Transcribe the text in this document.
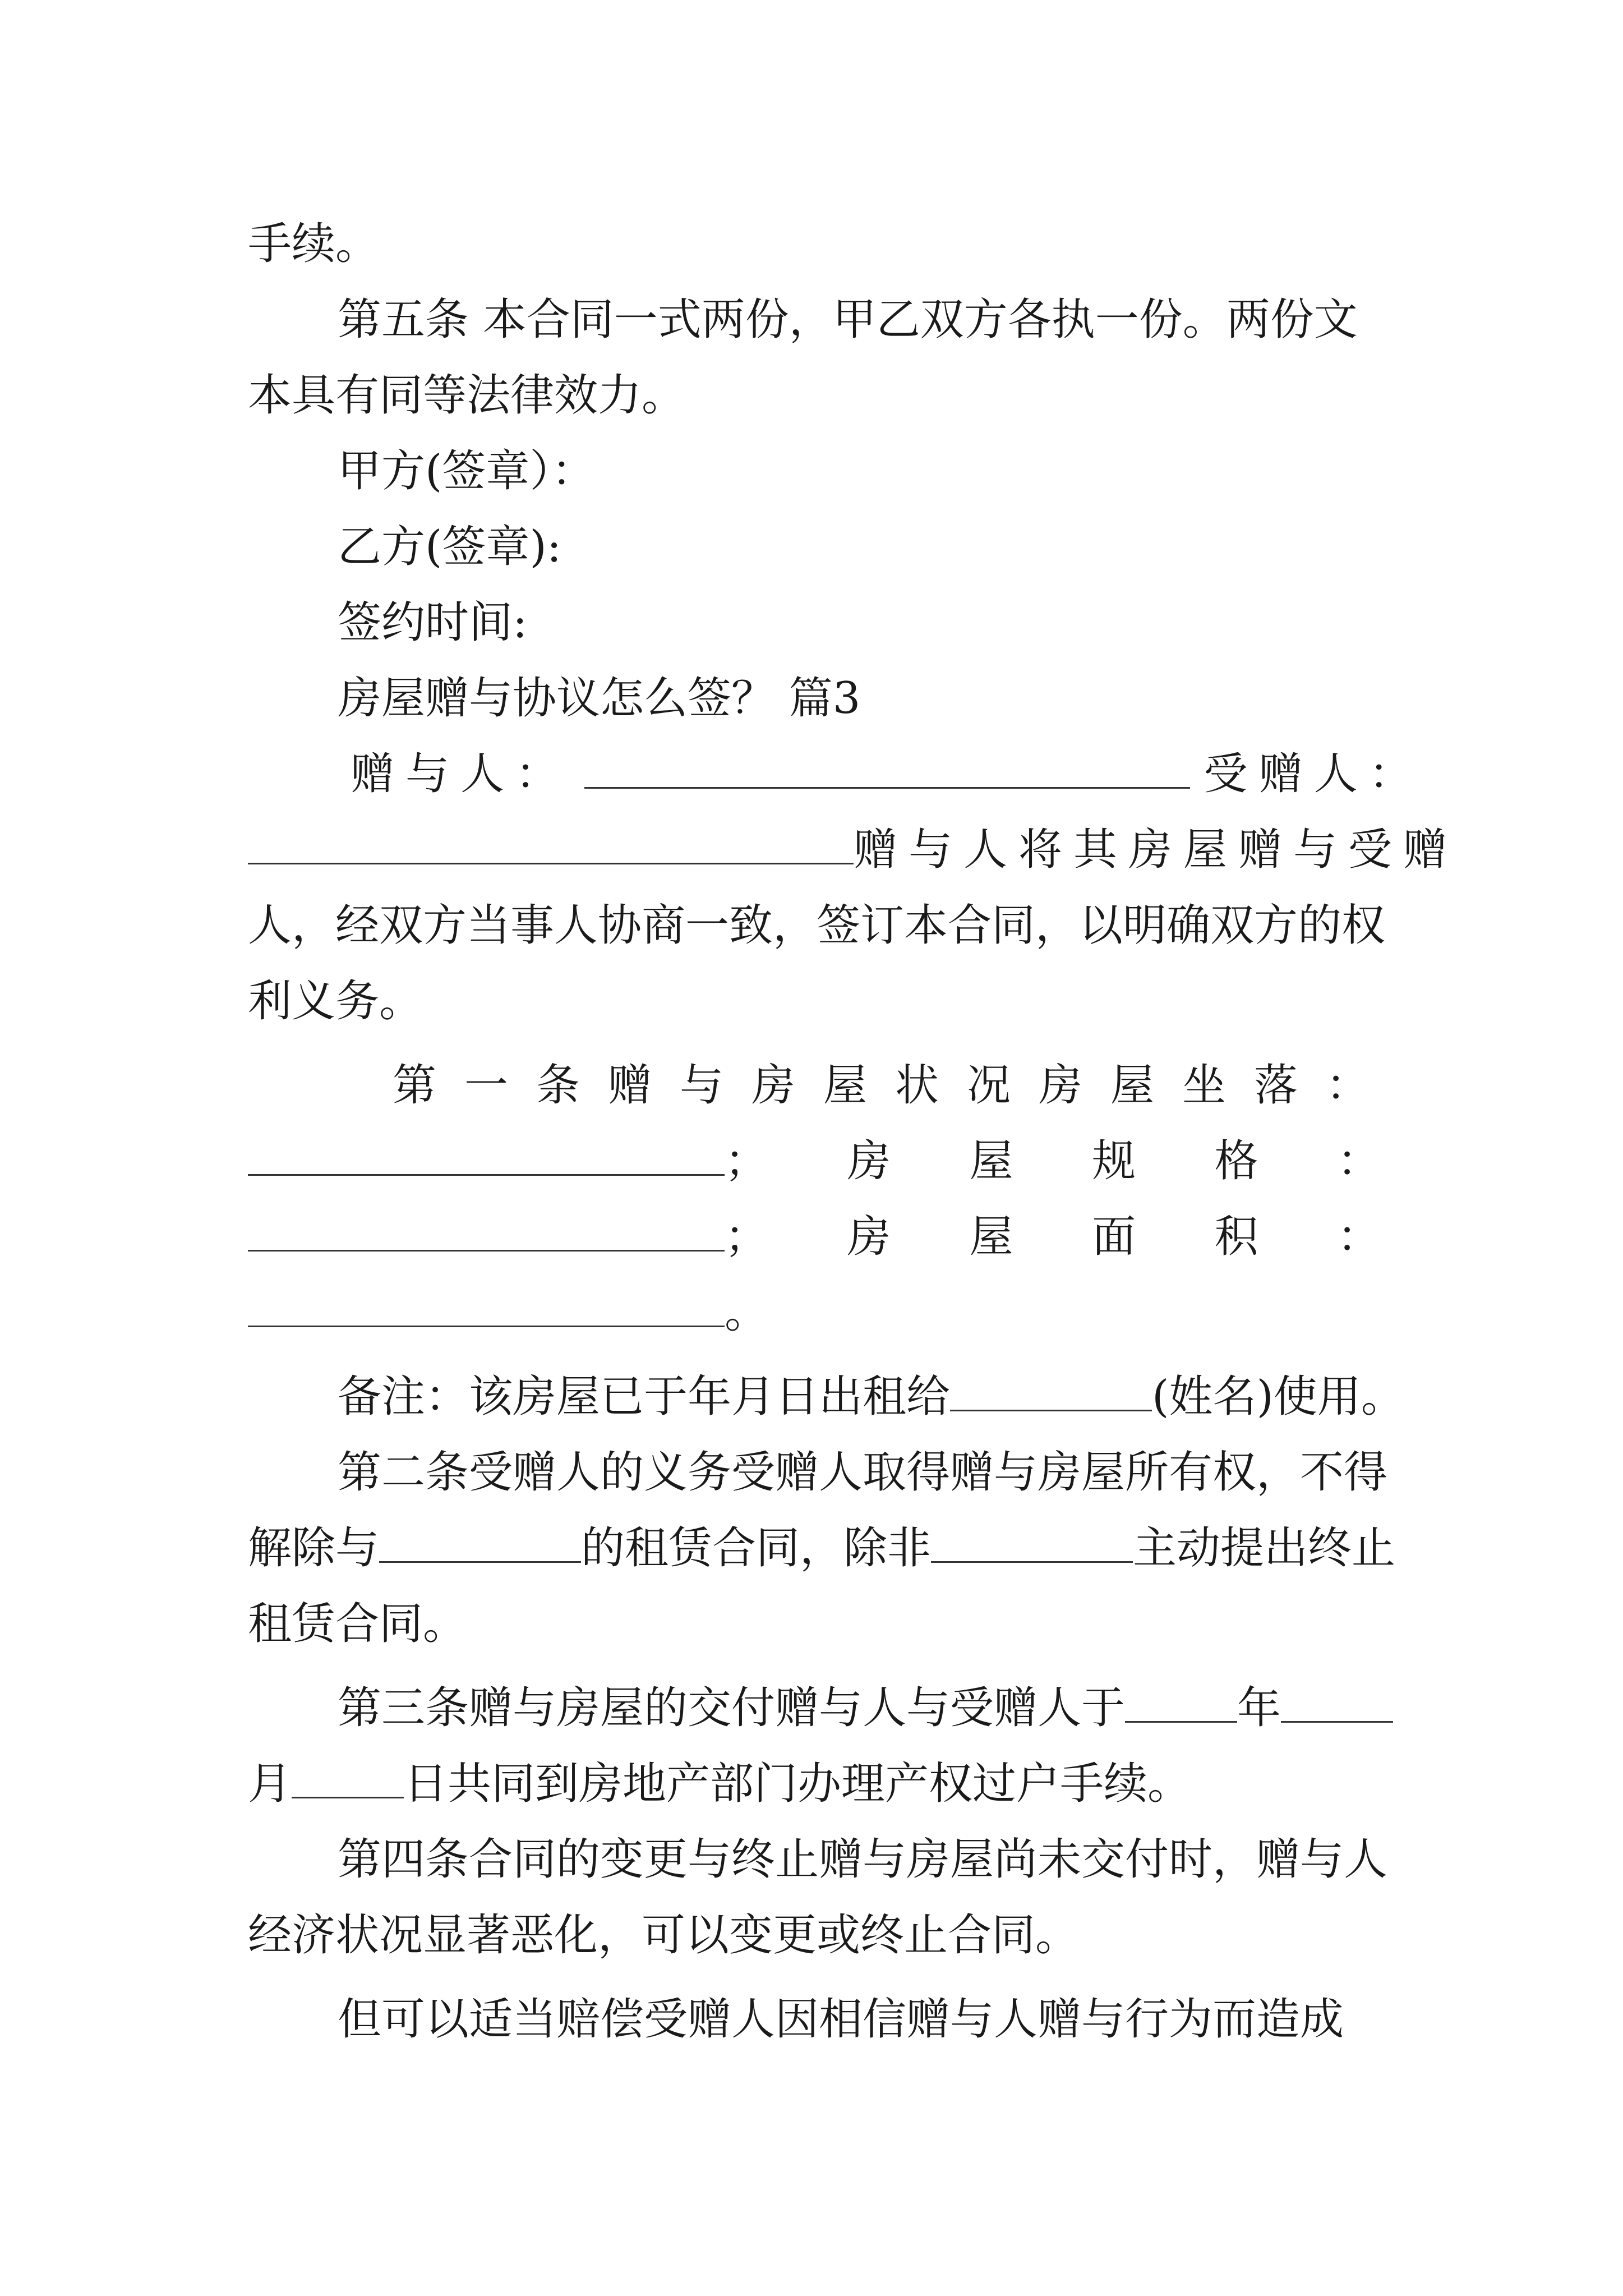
手续。
第五条 本合同一式两份，甲乙双方各执一份。两份文
本具有同等法律效力。
甲方(签章）：
乙方(签章):
签约时间:
房屋赠与协议怎么签？ 篇3
赠与人：	受赠人：
赠与人将其房屋赠与受赠
人，经双方当事人协商一致，签订本合同，以明确双方的权
利义务。
第一条赠与房屋状况房屋坐落：
； 房 屋 规 格 ：
； 房 屋 面 积 ：
。
备注：该房屋已于年月日出租给	(姓名)使用。
第二条受赠人的义务受赠人取得赠与房屋所有权，不得
解除与	的租赁合同，除非	主动提出终止
租赁合同。
第三条赠与房屋的交付赠与人与受赠人于	年
月	日共同到房地产部门办理产权过户手续。
第四条合同的变更与终止赠与房屋尚未交付时，赠与人
经济状况显著恶化，可以变更或终止合同。
但可以适当赔偿受赠人因相信赠与人赠与行为而造成
